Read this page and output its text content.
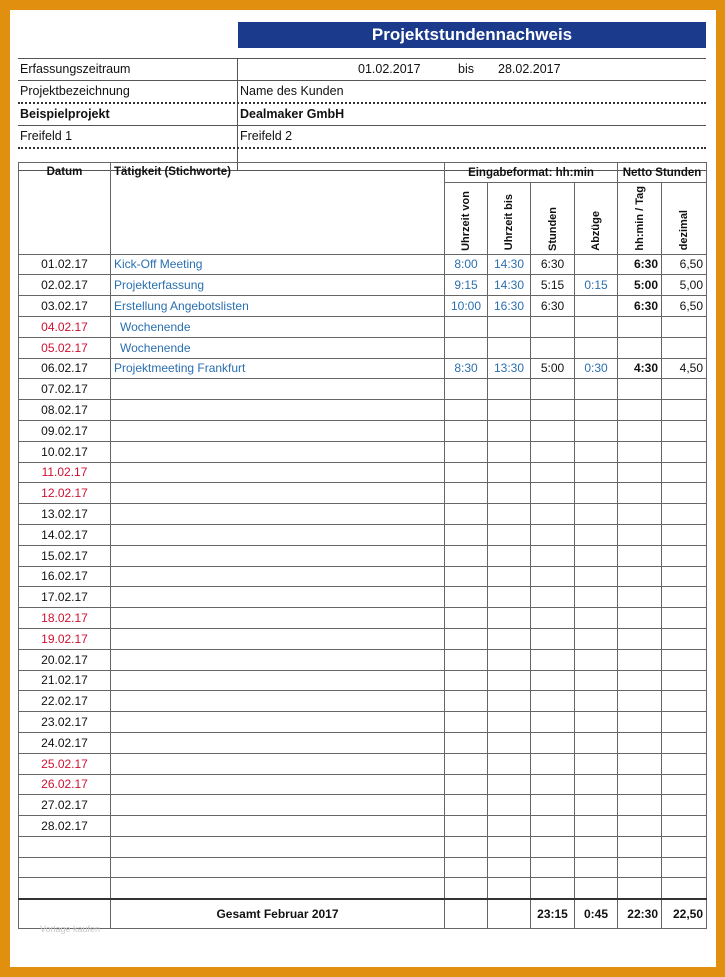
Projektstundennachweis
Erfassungszeitraum	01.02.2017	bis 28.02.2017
Projektbezeichnung	Name des Kunden
Beispielprojekt	Dealmaker GmbH
Freifeld 1	Freifeld 2
Datum	Tätigkeit (Stichworte)	Eingabeformat: hh:min				Netto Stunden	
		Uhrzeit von	Uhrzeit bis	Stunden	Abzüge	hh:min / Tag	dezimal
01.02.17	Kick-Off Meeting	8:00	14:30	6:30		6:30	6,50
02.02.17	Projekterfassung	9:15	14:30	5:15	0:15	5:00	5,00
03.02.17	Erstellung Angebotslisten	10:00	16:30	6:30		6:30	6,50
04.02.17	Wochenende						
05.02.17	Wochenende						
06.02.17	Projektmeeting Frankfurt	8:30	13:30	5:00	0:30	4:30	4,50
07.02.17							
08.02.17							
09.02.17							
10.02.17							
11.02.17							
12.02.17							
13.02.17							
14.02.17							
15.02.17							
16.02.17							
17.02.17							
18.02.17							
19.02.17							
20.02.17							
21.02.17							
22.02.17							
23.02.17							
24.02.17							
25.02.17							
26.02.17							
27.02.17							
28.02.17							

	Gesamt Februar 2017			23:15	0:45	22:30	22,50
Vorlage kaufen
